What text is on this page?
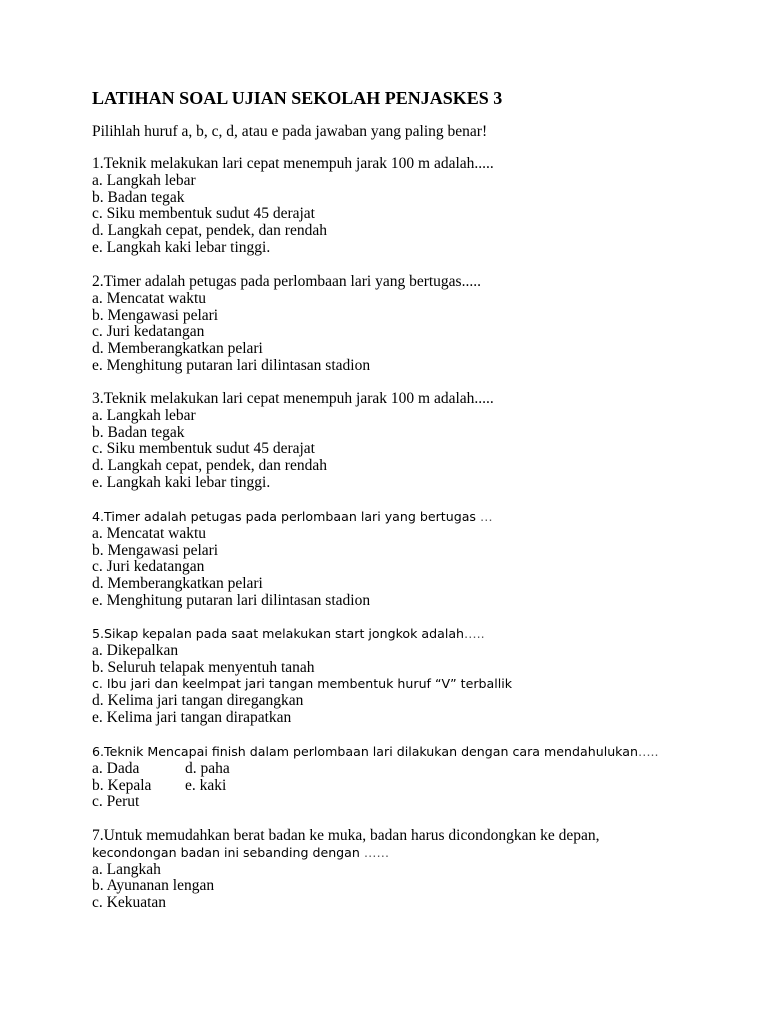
LATIHAN SOAL UJIAN SEKOLAH PENJASKES 3

Pilihlah huruf a, b, c, d, atau e pada jawaban yang paling benar!

1.Teknik melakukan lari cepat menempuh jarak 100 m adalah.....

a. Langkah lebar

b. Badan tegak

c. Siku membentuk sudut 45 derajat

d. Langkah cepat, pendek, dan rendah

e. Langkah kaki lebar tinggi.

2.Timer adalah petugas pada perlombaan lari yang bertugas.....

a. Mencatat waktu

b. Mengawasi pelari

c. Juri kedatangan

d. Memberangkatkan pelari

e. Menghitung putaran lari dilintasan stadion

3.Teknik melakukan lari cepat menempuh jarak 100 m adalah.....

a. Langkah lebar

b. Badan tegak

c. Siku membentuk sudut 45 derajat

d. Langkah cepat, pendek, dan rendah

e. Langkah kaki lebar tinggi.

4.Timer adalah petugas pada perlombaan lari yang bertugas …

a. Mencatat waktu

b. Mengawasi pelari

c. Juri kedatangan

d. Memberangkatkan pelari

e. Menghitung putaran lari dilintasan stadion

5.Sikap kepalan pada saat melakukan start jongkok adalah…..

a. Dikepalkan

b. Seluruh telapak menyentuh tanah

c. Ibu jari dan keelmpat jari tangan membentuk huruf “V” terballik

d. Kelima jari tangan diregangkan

e. Kelima jari tangan dirapatkan

6.Teknik Mencapai finish dalam perlombaan lari dilakukan dengan cara mendahulukan…..

a. Dada	d. paha
b. Kepala	e. kaki
c. Perut

7.Untuk memudahkan berat badan ke muka, badan harus dicondongkan ke depan,

kecondongan badan ini sebanding dengan ……

a. Langkah

b. Ayunanan lengan

c. Kekuatan
